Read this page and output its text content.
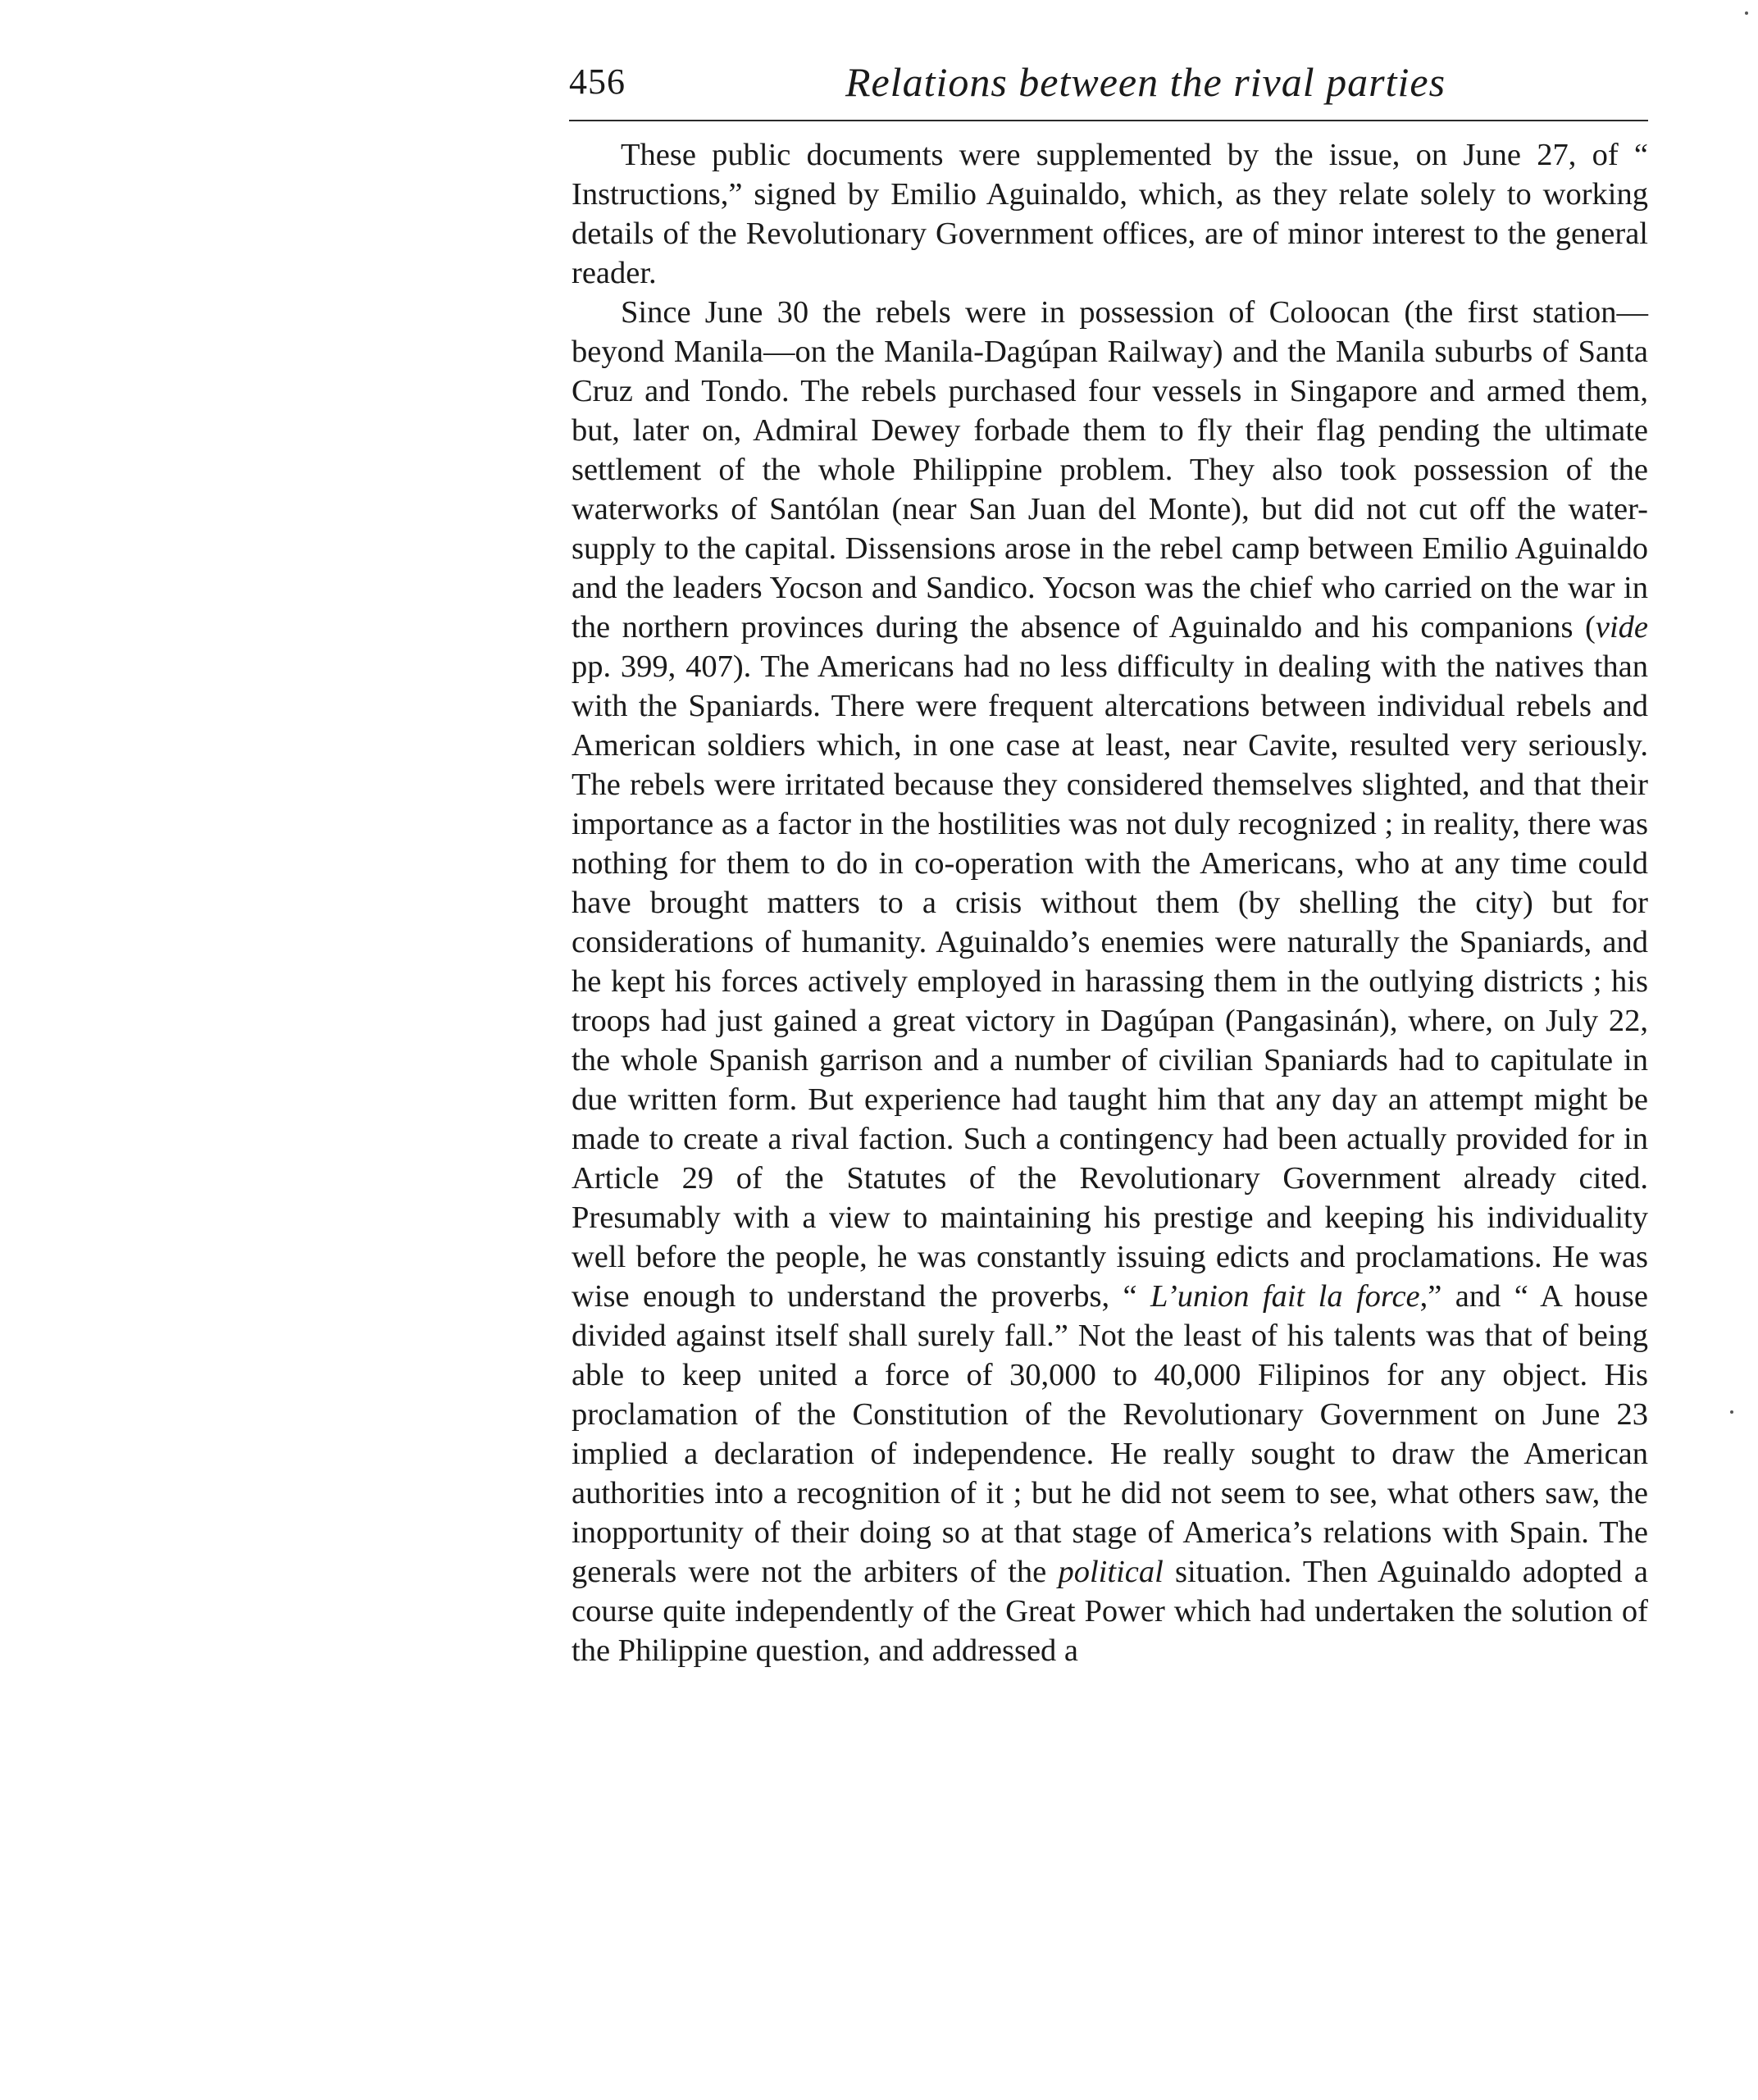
456	Relations between the rival parties

These public documents were supplemented by the issue, on June 27, of “ Instructions,” signed by Emilio Aguinaldo, which, as they relate solely to working details of the Revolutionary Government offices, are of minor interest to the general reader.

Since June 30 the rebels were in possession of Coloocan (the first station—beyond Manila—on the Manila-Dagúpan Railway) and the Manila suburbs of Santa Cruz and Tondo. The rebels purchased four vessels in Singapore and armed them, but, later on, Admiral Dewey forbade them to fly their flag pending the ultimate settlement of the whole Philippine problem. They also took possession of the waterworks of Santólan (near San Juan del Monte), but did not cut off the water-supply to the capital. Dissensions arose in the rebel camp between Emilio Aguinaldo and the leaders Yocson and Sandico. Yocson was the chief who carried on the war in the northern provinces during the absence of Aguinaldo and his companions (vide pp. 399, 407). The Americans had no less difficulty in dealing with the natives than with the Spaniards. There were frequent altercations between individual rebels and American soldiers which, in one case at least, near Cavite, resulted very seriously. The rebels were irritated because they considered themselves slighted, and that their importance as a factor in the hostilities was not duly recognized ; in reality, there was nothing for them to do in co-operation with the Americans, who at any time could have brought matters to a crisis without them (by shelling the city) but for considerations of humanity. Aguinaldo’s enemies were naturally the Spaniards, and he kept his forces actively employed in harassing them in the outlying districts ; his troops had just gained a great victory in Dagúpan (Pangasinán), where, on July 22, the whole Spanish garrison and a number of civilian Spaniards had to capitulate in due written form. But experience had taught him that any day an attempt might be made to create a rival faction. Such a contingency had been actually provided for in Article 29 of the Statutes of the Revolutionary Government already cited. Presumably with a view to maintaining his prestige and keeping his individuality well before the people, he was constantly issuing edicts and proclamations. He was wise enough to understand the proverbs, “ L’union fait la force,” and “ A house divided against itself shall surely fall.” Not the least of his talents was that of being able to keep united a force of 30,000 to 40,000 Filipinos for any object. His proclamation of the Constitution of the Revolutionary Government on June 23 implied a declaration of independence. He really sought to draw the American authorities into a recognition of it ; but he did not seem to see, what others saw, the inopportunity of their doing so at that stage of America’s relations with Spain. The generals were not the arbiters of the political situation. Then Aguinaldo adopted a course quite independently of the Great Power which had undertaken the solution of the Philippine question, and addressed a
